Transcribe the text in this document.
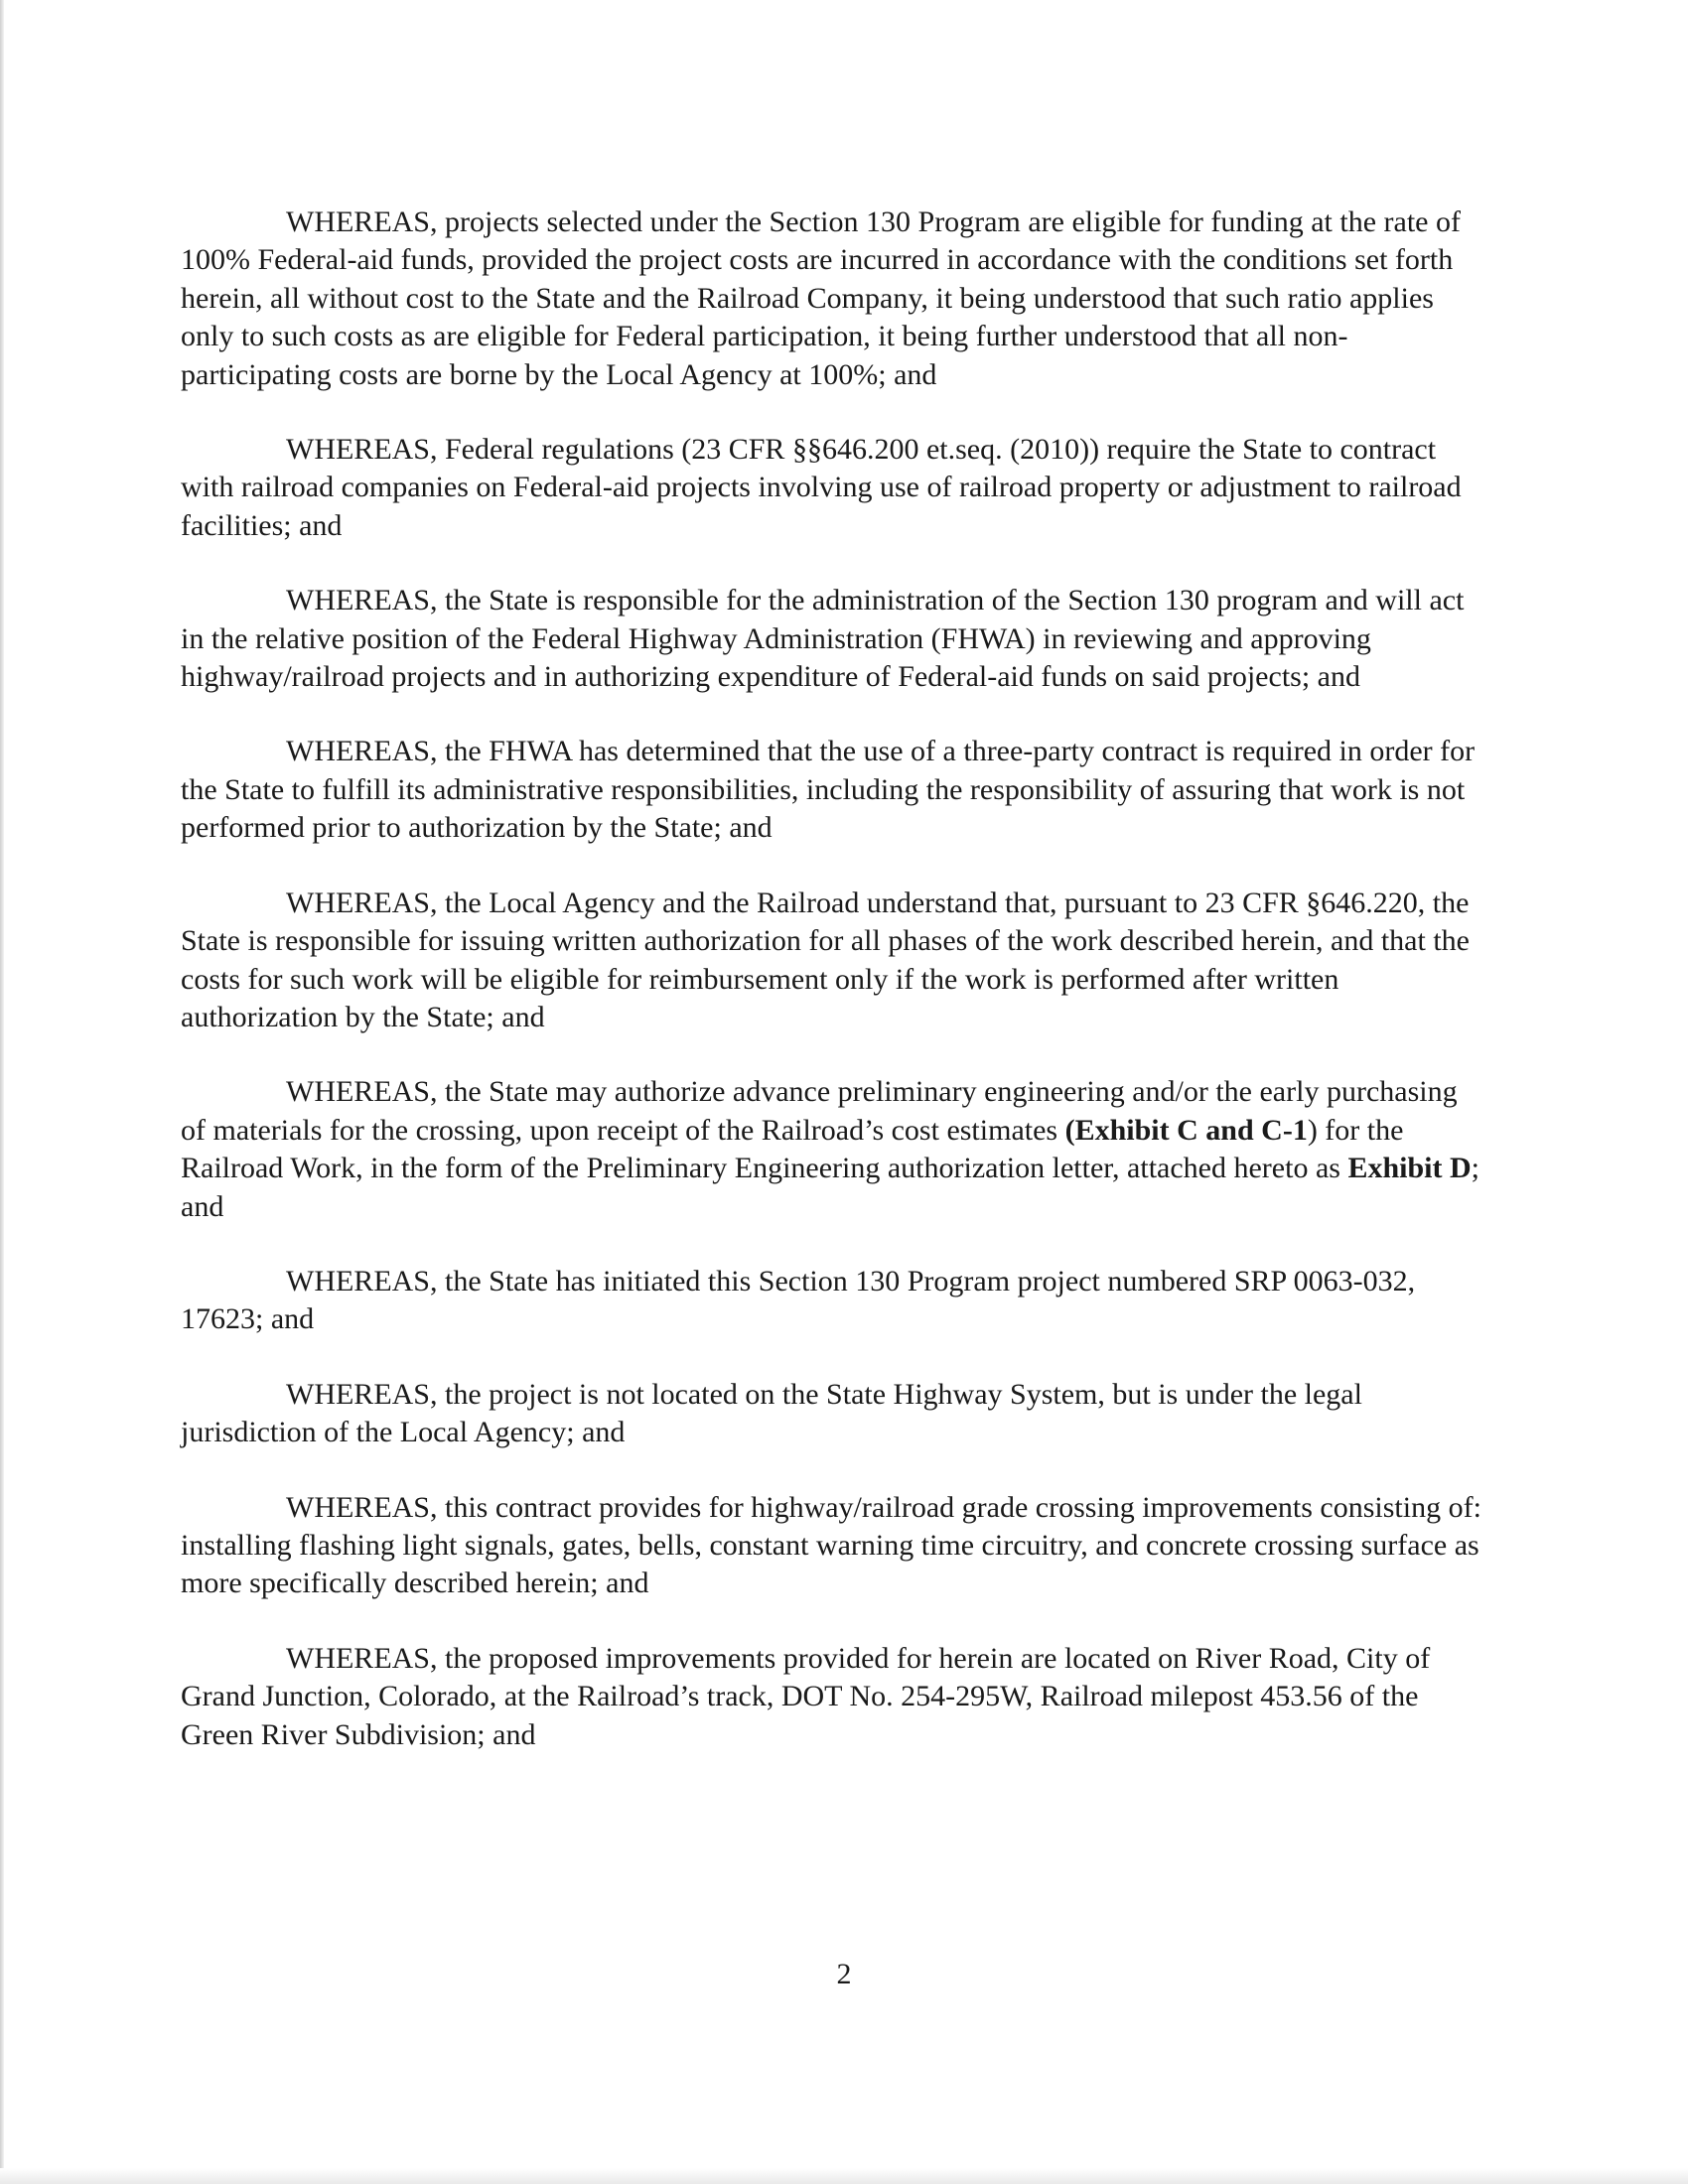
WHEREAS, projects selected under the Section 130 Program are eligible for funding at the rate of 100% Federal-aid funds, provided the project costs are incurred in accordance with the conditions set forth herein, all without cost to the State and the Railroad Company, it being understood that such ratio applies only to such costs as are eligible for Federal participation, it being further understood that all non-participating costs are borne by the Local Agency at 100%; and

WHEREAS, Federal regulations (23 CFR §§646.200 et.seq. (2010)) require the State to contract with railroad companies on Federal-aid projects involving use of railroad property or adjustment to railroad facilities; and

WHEREAS, the State is responsible for the administration of the Section 130 program and will act in the relative position of the Federal Highway Administration (FHWA) in reviewing and approving highway/railroad projects and in authorizing expenditure of Federal-aid funds on said projects; and

WHEREAS, the FHWA has determined that the use of a three-party contract is required in order for the State to fulfill its administrative responsibilities, including the responsibility of assuring that work is not performed prior to authorization by the State; and

WHEREAS, the Local Agency and the Railroad understand that, pursuant to 23 CFR §646.220, the State is responsible for issuing written authorization for all phases of the work described herein, and that the costs for such work will be eligible for reimbursement only if the work is performed after written authorization by the State; and

WHEREAS, the State may authorize advance preliminary engineering and/or the early purchasing of materials for the crossing, upon receipt of the Railroad’s cost estimates (Exhibit C and C-1) for the Railroad Work, in the form of the Preliminary Engineering authorization letter, attached hereto as Exhibit D; and

WHEREAS, the State has initiated this Section 130 Program project numbered SRP 0063-032, 17623; and

WHEREAS, the project is not located on the State Highway System, but is under the legal jurisdiction of the Local Agency; and

WHEREAS, this contract provides for highway/railroad grade crossing improvements consisting of: installing flashing light signals, gates, bells, constant warning time circuitry, and concrete crossing surface as more specifically described herein; and

WHEREAS, the proposed improvements provided for herein are located on River Road, City of Grand Junction, Colorado, at the Railroad’s track, DOT No. 254-295W, Railroad milepost 453.56 of the Green River Subdivision; and

2
